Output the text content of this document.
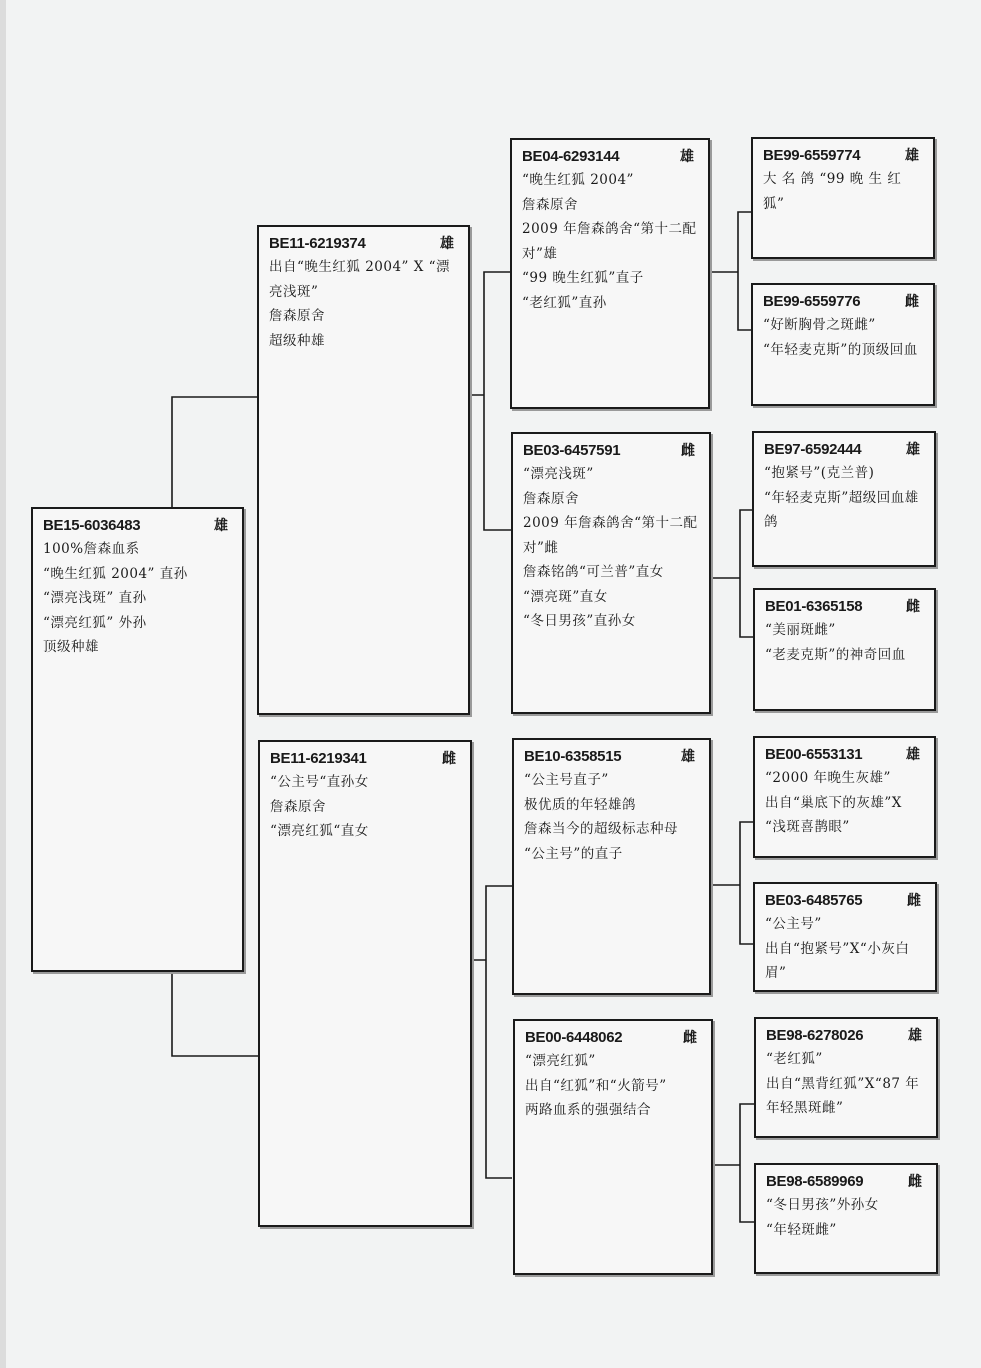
BE15-6036483	雄
100%詹森血系
“晚生红狐 2004” 直孙
“漂亮浅斑” 直孙
“漂亮红狐” 外孙
顶级种雄
BE11-6219374	雄
出自“晚生红狐 2004” X “漂亮浅斑”
詹森原舍
超级种雄
BE11-6219341	雌
“公主号“直孙女
詹森原舍
“漂亮红狐“直女
BE04-6293144	雄
“晚生红狐 2004”
詹森原舍
2009 年詹森鸽舍“第十二配对”雄
“99 晚生红狐”直子
“老红狐”直孙
BE03-6457591	雌
“漂亮浅斑”
詹森原舍
2009 年詹森鸽舍“第十二配对”雌
詹森铭鸽“可兰普”直女
“漂亮斑”直女
“冬日男孩”直孙女
BE10-6358515	雄
“公主号直子”
极优质的年轻雄鸽
詹森当今的超级标志种母
“公主号”的直子
BE00-6448062	雌
“漂亮红狐”
出自“红狐”和“火箭号”
两路血系的强强结合
BE99-6559774	雄
大 名 鸽 “99 晚 生 红 狐”
BE99-6559776	雌
“好断胸骨之斑雌”
“年轻麦克斯”的顶级回血
BE97-6592444	雄
“抱紧号”(克兰普)
“年轻麦克斯”超级回血雄鸽
BE01-6365158	雌
“美丽斑雌”
“老麦克斯”的神奇回血
BE00-6553131	雄
“2000 年晚生灰雄”
出自“巢底下的灰雄”X
“浅斑喜鹊眼”
BE03-6485765	雌
“公主号”
出自“抱紧号”X“小灰白眉”
BE98-6278026	雄
“老红狐”
出自“黑背红狐”X“87 年年轻黑斑雌”
BE98-6589969	雌
“冬日男孩”外孙女
“年轻斑雌”
